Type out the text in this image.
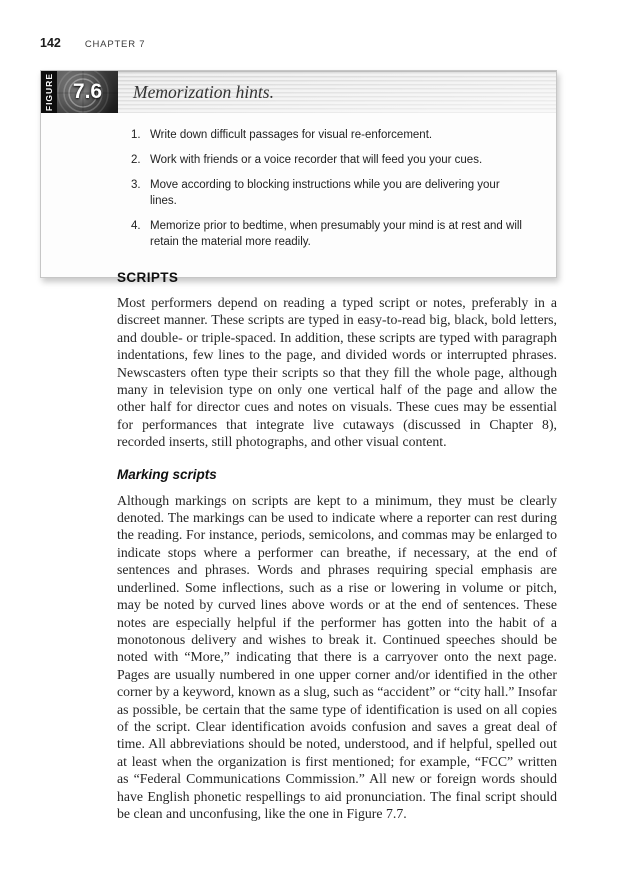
142	CHAPTER 7
FIGURE 7.6	Memorization hints.
1. Write down difficult passages for visual re-enforcement.
2. Work with friends or a voice recorder that will feed you your cues.
3. Move according to blocking instructions while you are delivering your lines.
4. Memorize prior to bedtime, when presumably your mind is at rest and will retain the material more readily.
SCRIPTS

Most performers depend on reading a typed script or notes, preferably in a discreet manner. These scripts are typed in easy-to-read big, black, bold letters, and double- or triple-spaced. In addition, these scripts are typed with paragraph indentations, few lines to the page, and divided words or interrupted phrases. Newscasters often type their scripts so that they fill the whole page, although many in television type on only one vertical half of the page and allow the other half for director cues and notes on visuals. These cues may be essential for performances that integrate live cutaways (discussed in Chapter 8), recorded inserts, still photographs, and other visual content.

Marking scripts

Although markings on scripts are kept to a minimum, they must be clearly denoted. The markings can be used to indicate where a reporter can rest during the reading. For instance, periods, semicolons, and commas may be enlarged to indicate stops where a performer can breathe, if necessary, at the end of sentences and phrases. Words and phrases requiring special emphasis are underlined. Some inflections, such as a rise or lowering in volume or pitch, may be noted by curved lines above words or at the end of sentences. These notes are especially helpful if the performer has gotten into the habit of a monotonous delivery and wishes to break it. Continued speeches should be noted with “More,” indicating that there is a carryover onto the next page. Pages are usually numbered in one upper corner and/or identified in the other corner by a keyword, known as a slug, such as “accident” or “city hall.” Insofar as possible, be certain that the same type of identification is used on all copies of the script. Clear identification avoids confusion and saves a great deal of time. All abbreviations should be noted, understood, and if helpful, spelled out at least when the organization is first mentioned; for example, “FCC” written as “Federal Communications Commission.” All new or foreign words should have English phonetic respellings to aid pronunciation. The final script should be clean and unconfusing, like the one in Figure 7.7.
